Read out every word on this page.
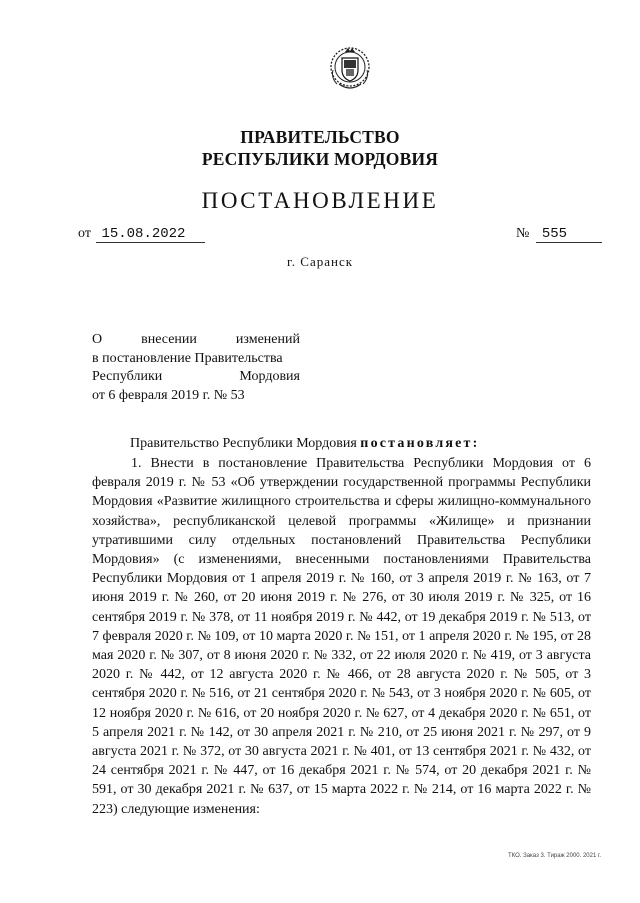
ПРАВИТЕЛЬСТВО
РЕСПУБЛИКИ МОРДОВИЯ
ПОСТАНОВЛЕНИЕ
от 15.08.2022	№ 555
г. Саранск
О	внесении	изменений
в постановление Правительства
Республики	Мордовия
от 6 февраля 2019 г. № 53
Правительство Республики Мордовия постановляет:

1. Внести в постановление Правительства Республики Мордовия от 6 февраля 2019 г. № 53 «Об утверждении государственной программы Республики Мордовия «Развитие жилищного строительства и сферы жилищно-коммунального хозяйства», республиканской целевой программы «Жилище» и признании утратившими силу отдельных постановлений Правительства Республики Мордовия» (с изменениями, внесенными постановлениями Правительства Республики Мордовия от 1 апреля 2019 г. № 160, от 3 апреля 2019 г. № 163, от 7 июня 2019 г. № 260, от 20 июня 2019 г. № 276, от 30 июля 2019 г. № 325, от 16 сентября 2019 г. № 378, от 11 ноября 2019 г. № 442, от 19 декабря 2019 г. № 513, от 7 февраля 2020 г. № 109, от 10 марта 2020 г. № 151, от 1 апреля 2020 г. № 195, от 28 мая 2020 г. № 307, от 8 июня 2020 г. № 332, от 22 июля 2020 г. № 419, от 3 августа 2020 г. № 442, от 12 августа 2020 г. № 466, от 28 августа 2020 г. № 505, от 3 сентября 2020 г. № 516, от 21 сентября 2020 г. № 543, от 3 ноября 2020 г. № 605, от 12 ноября 2020 г. № 616, от 20 ноября 2020 г. № 627, от 4 декабря 2020 г. № 651, от 5 апреля 2021 г. № 142, от 30 апреля 2021 г. № 210, от 25 июня 2021 г. № 297, от 9 августа 2021 г. № 372, от 30 августа 2021 г. № 401, от 13 сентября 2021 г. № 432, от 24 сентября 2021 г. № 447, от 16 декабря 2021 г. № 574, от 20 декабря 2021 г. № 591, от 30 декабря 2021 г. № 637, от 15 марта 2022 г. № 214, от 16 марта 2022 г. № 223) следующие изменения:

ТКО. Заказ 3. Тираж 2000. 2021 г.
